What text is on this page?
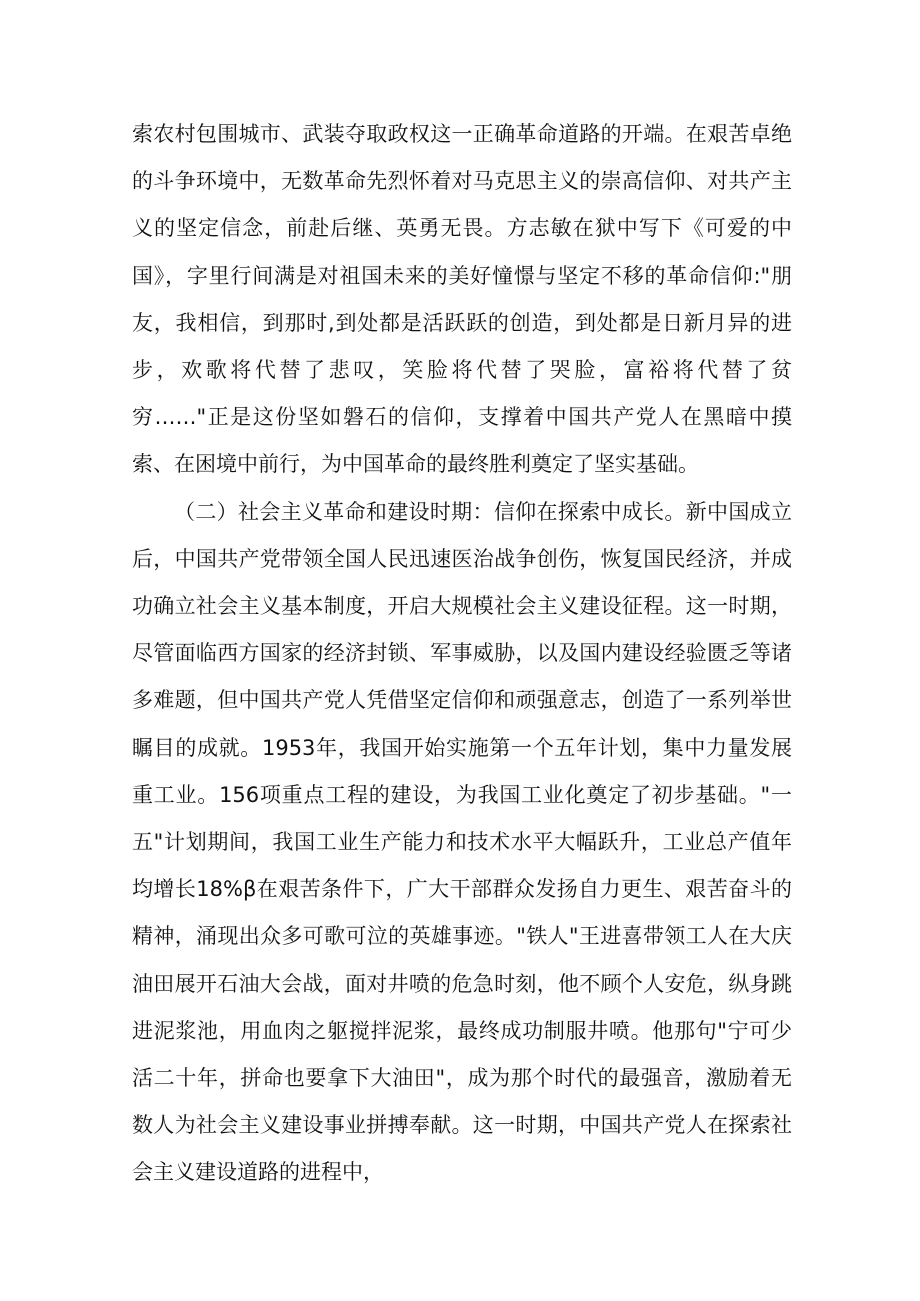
索农村包围城市、武装夺取政权这一正确革命道路的开端。在艰苦卓绝的斗争环境中，无数革命先烈怀着对马克思主义的崇高信仰、对共产主义的坚定信念，前赴后继、英勇无畏。方志敏在狱中写下《可爱的中国》，字里行间满是对祖国未来的美好憧憬与坚定不移的革命信仰:"朋友，我相信，到那时,到处都是活跃跃的创造，到处都是日新月异的进步，欢歌将代替了悲叹，笑脸将代替了哭脸，富裕将代替了贫穷……"正是这份坚如磐石的信仰，支撑着中国共产党人在黑暗中摸索、在困境中前行，为中国革命的最终胜利奠定了坚实基础。

（二）社会主义革命和建设时期：信仰在探索中成长。新中国成立后，中国共产党带领全国人民迅速医治战争创伤，恢复国民经济，并成功确立社会主义基本制度，开启大规模社会主义建设征程。这一时期，尽管面临西方国家的经济封锁、军事威胁，以及国内建设经验匮乏等诸多难题，但中国共产党人凭借坚定信仰和顽强意志，创造了一系列举世瞩目的成就。1953年，我国开始实施第一个五年计划，集中力量发展重工业。156项重点工程的建设，为我国工业化奠定了初步基础。"一五"计划期间，我国工业生产能力和技术水平大幅跃升，工业总产值年均增长18%β在艰苦条件下，广大干部群众发扬自力更生、艰苦奋斗的精神，涌现出众多可歌可泣的英雄事迹。"铁人"王进喜带领工人在大庆油田展开石油大会战，面对井喷的危急时刻，他不顾个人安危，纵身跳进泥浆池，用血肉之躯搅拌泥浆，最终成功制服井喷。他那句"宁可少活二十年，拼命也要拿下大油田"，成为那个时代的最强音，激励着无数人为社会主义建设事业拼搏奉献。这一时期，中国共产党人在探索社会主义建设道路的进程中，
